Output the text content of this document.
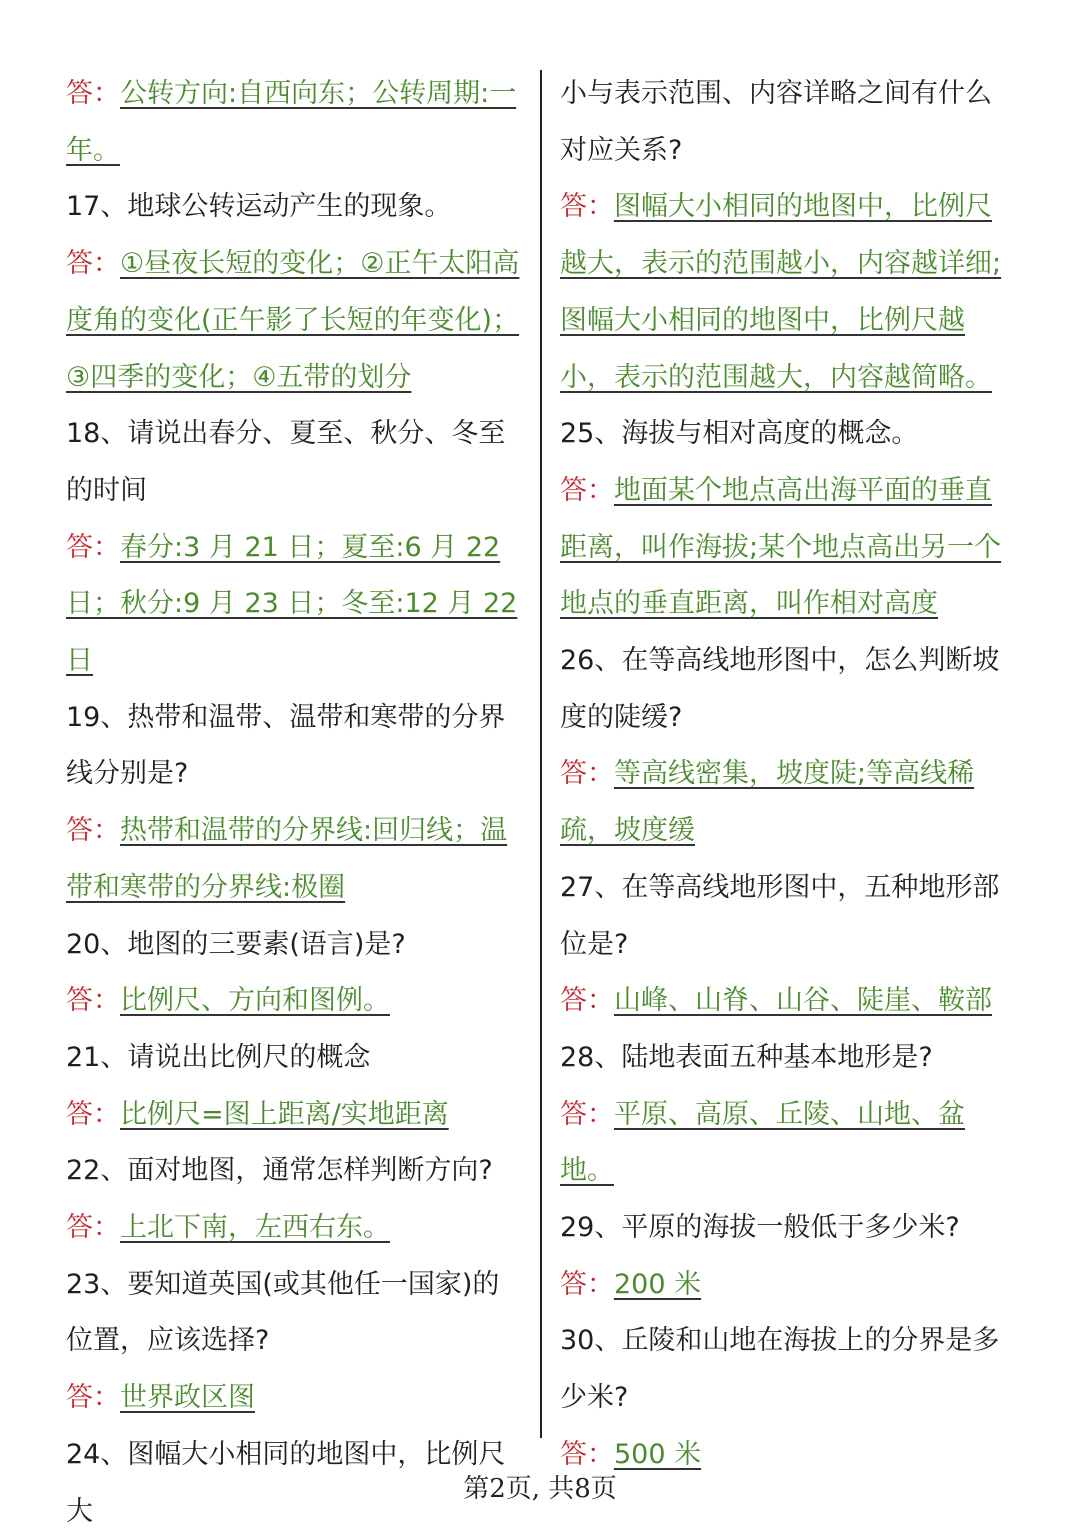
答：公转方向:自西向东；公转周期:一年。

17、地球公转运动产生的现象。

答：①昼夜长短的变化；②正午太阳高度角的变化(正午影了长短的年变化)；③四季的变化；④五带的划分

18、请说出春分、夏至、秋分、冬至的时间

答：春分:3 月 21 日；夏至:6 月 22 日；秋分:9 月 23 日；冬至:12 月 22 日

19、热带和温带、温带和寒带的分界线分别是?

答：热带和温带的分界线:回归线；温带和寒带的分界线:极圈

20、地图的三要素(语言)是?

答：比例尺、方向和图例。

21、请说出比例尺的概念

答：比例尺=图上距离/实地距离

22、面对地图，通常怎样判断方向?

答：上北下南，左西右东。

23、要知道英国(或其他任一国家)的位置，应该选择?

答：世界政区图

24、图幅大小相同的地图中，比例尺大

小与表示范围、内容详略之间有什么对应关系?

答：图幅大小相同的地图中，比例尺越大，表示的范围越小，内容越详细;图幅大小相同的地图中，比例尺越小，表示的范围越大，内容越简略。

25、海拔与相对高度的概念。

答：地面某个地点高出海平面的垂直距离，叫作海拔;某个地点高出另一个地点的垂直距离，叫作相对高度

26、在等高线地形图中，怎么判断坡度的陡缓?

答：等高线密集，坡度陡;等高线稀疏，坡度缓

27、在等高线地形图中，五种地形部位是?

答：山峰、山脊、山谷、陡崖、鞍部

28、陆地表面五种基本地形是?

答：平原、高原、丘陵、山地、盆地。

29、平原的海拔一般低于多少米?

答：200 米

30、丘陵和山地在海拔上的分界是多少米?

答：500 米

第2页, 共8页
